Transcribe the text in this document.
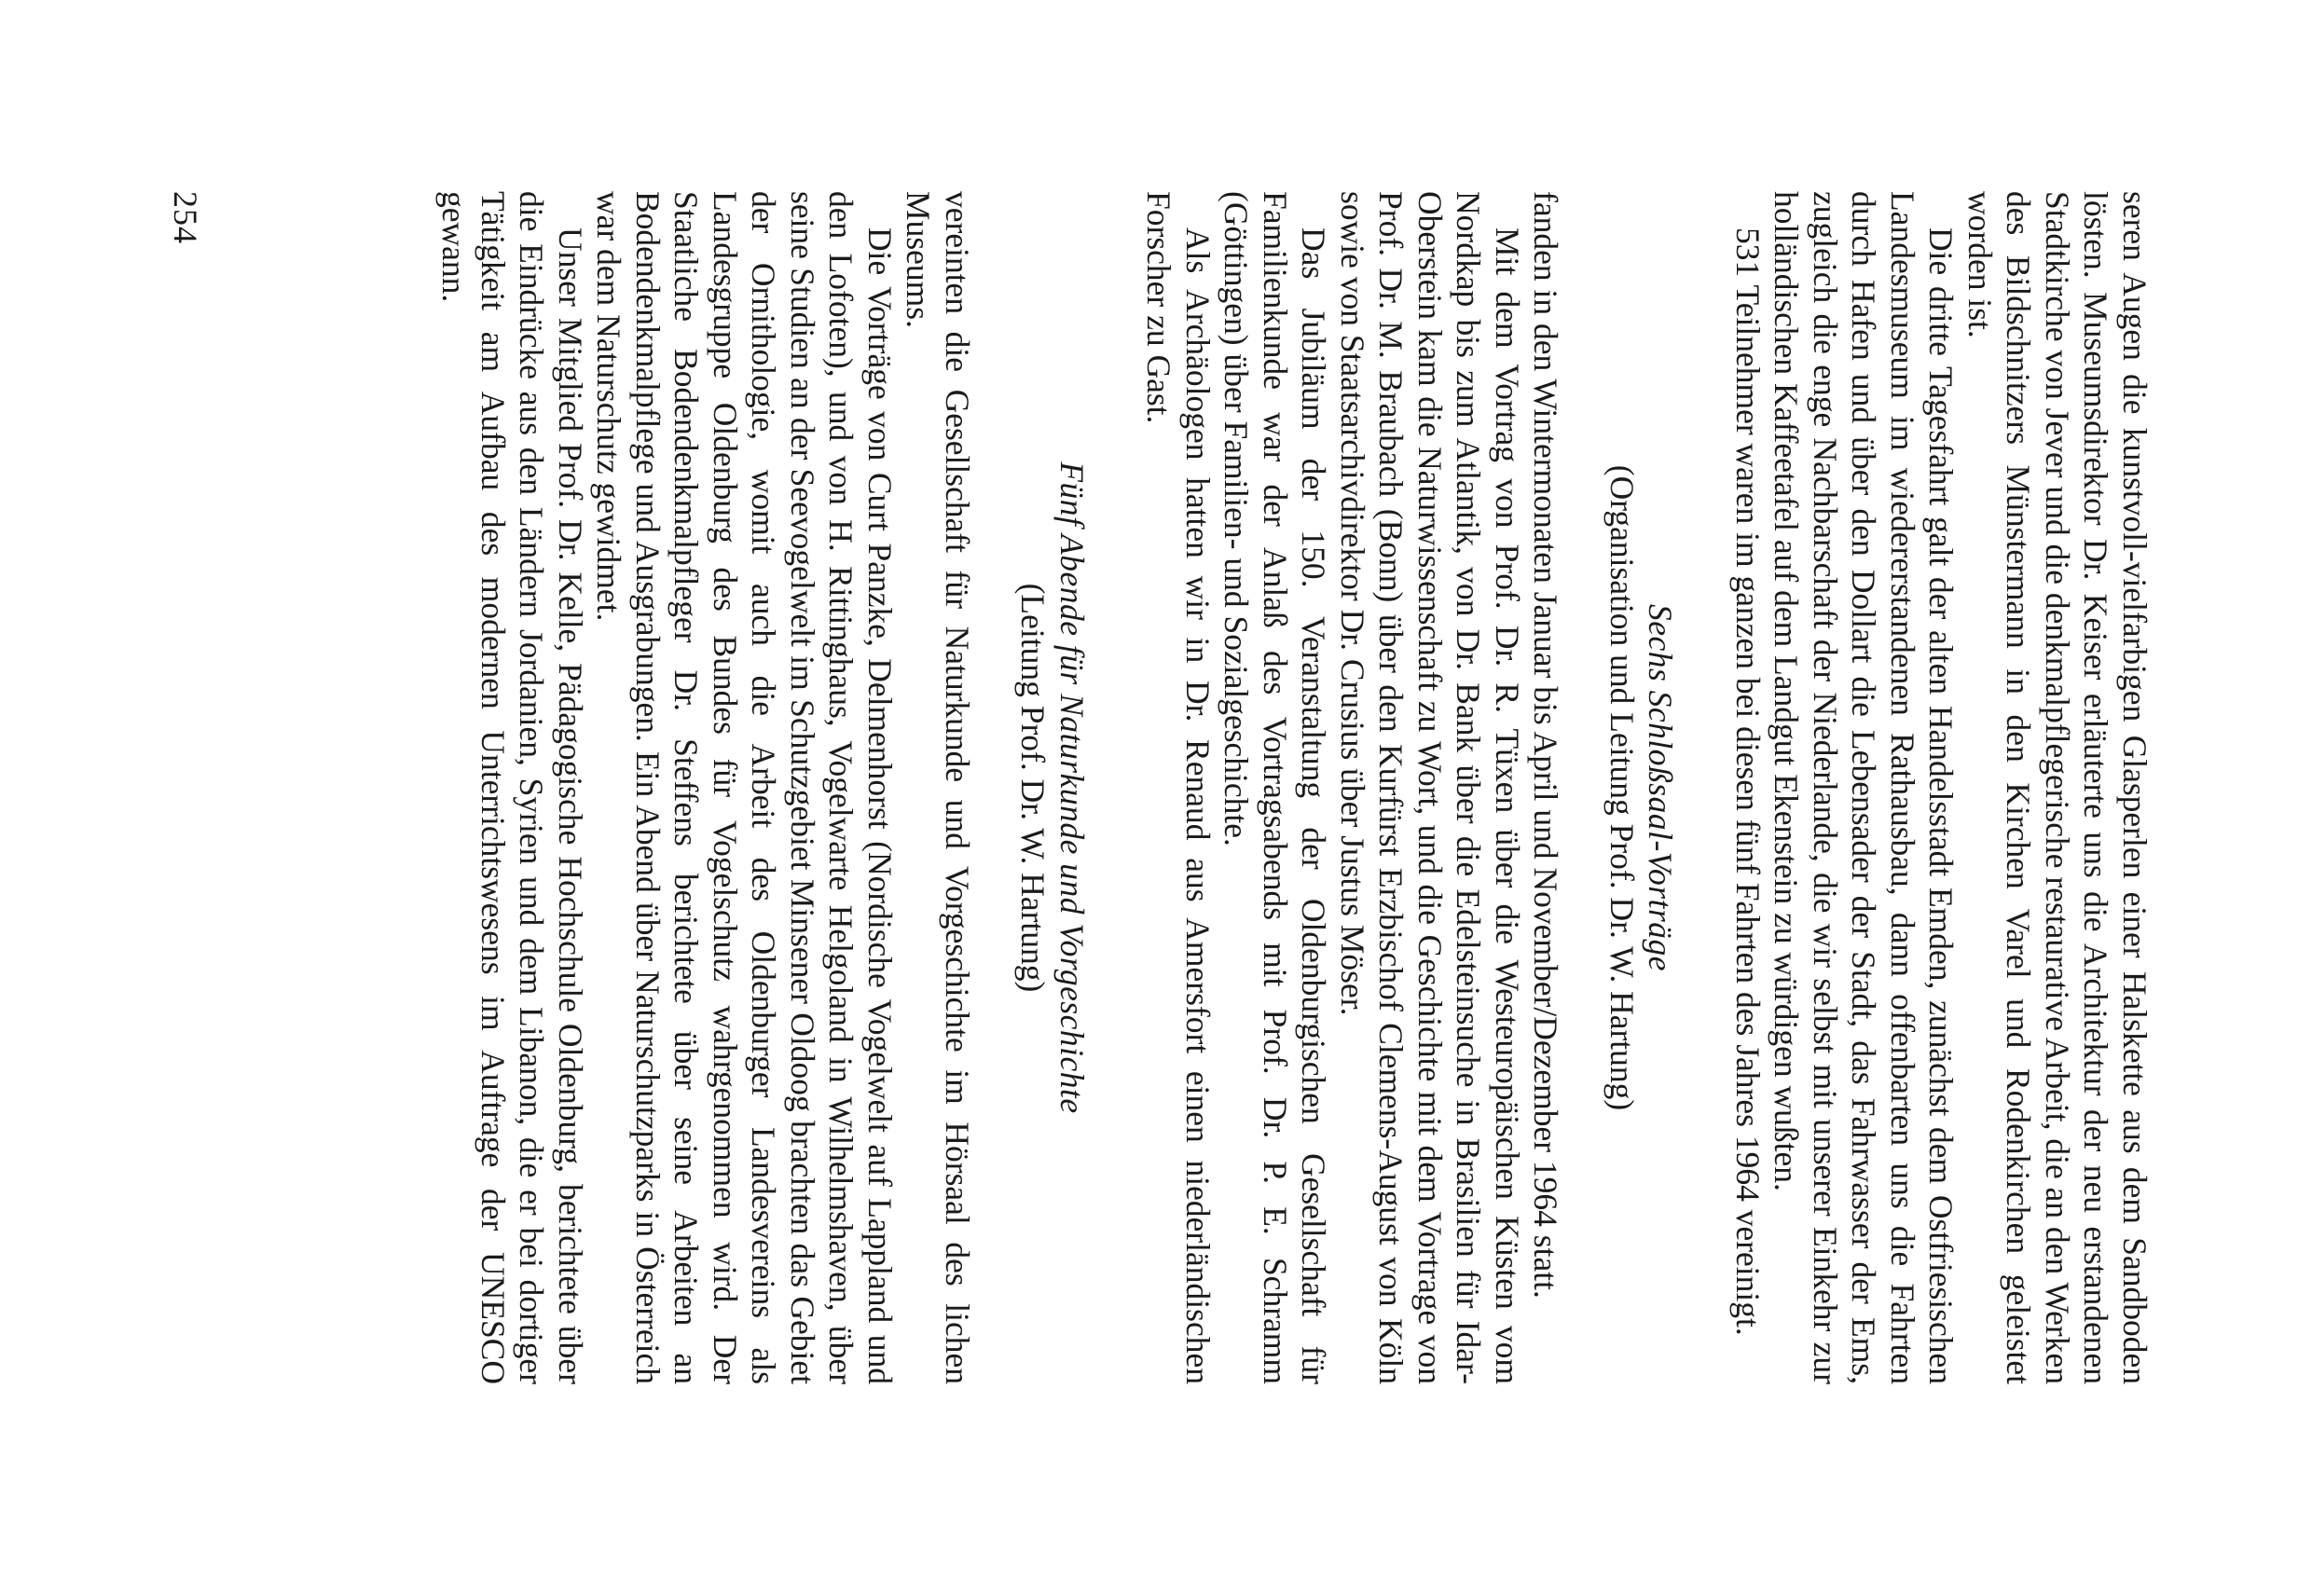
seren Augen die kunstvoll-vielfarbigen Glasperlen einer Halskette aus dem Sandboden lösten. Museumsdirektor Dr. Keiser erläuterte uns die Architektur der neu erstandenen Stadtkirche von Jever und die denkmalpflegerische restaurative Arbeit, die an den Werken des Bildschnitzers Münstermann in den Kirchen Varel und Rodenkirchen geleistet worden ist.

Die dritte Tagesfahrt galt der alten Handelsstadt Emden, zunächst dem Ostfriesischen Landesmuseum im wiedererstandenen Rathausbau, dann offenbarten uns die Fahrten durch Hafen und über den Dollart die Lebensader der Stadt, das Fahrwasser der Ems, zugleich die enge Nachbarschaft der Niederlande, die wir selbst mit unserer Einkehr zur holländischen Kaffeetafel auf dem Landgut Ekenstein zu würdigen wußten.

531 Teilnehmer waren im ganzen bei diesen fünf Fahrten des Jahres 1964 vereinigt.

Sechs Schloßsaal-Vorträge

(Organisation und Leitung Prof. Dr. W. Hartung)

fanden in den Wintermonaten Januar bis April und November/Dezember 1964 statt.

Mit dem Vortrag von Prof. Dr. R. Tüxen über die Westeuropäischen Küsten vom Nordkap bis zum Atlantik, von Dr. Bank über die Edelsteinsuche in Brasilien für Idar-Oberstein kam die Naturwissenschaft zu Wort, und die Geschichte mit dem Vortrage von Prof. Dr. M. Braubach (Bonn) über den Kurfürst Erzbischof Clemens-August von Köln sowie von Staatsarchivdirektor Dr. Crusius über Justus Möser.

Das Jubiläum der 150. Veranstaltung der Oldenburgischen Gesellschaft für Familienkunde war der Anlaß des Vortragsabends mit Prof. Dr. P. E. Schramm (Göttingen) über Familien- und Sozialgeschichte.

Als Archäologen hatten wir in Dr. Renaud aus Amersfort einen niederländischen Forscher zu Gast.

Fünf Abende für Naturkunde und Vorgeschichte

(Leitung Prof. Dr. W. Hartung)

vereinten die Gesellschaft für Naturkunde und Vorgeschichte im Hörsaal des lichen Museums.

Die Vorträge von Curt Panzke, Delmenhorst (Nordische Vogelwelt auf Lappland und den Lofoten), und von H. Rittinghaus, Vogelwarte Helgoland in Wilhelmshaven, über seine Studien an der Seevogelwelt im Schutzgebiet Minsener Oldoog brachten das Gebiet der Ornithologie, womit auch die Arbeit des Oldenburger Landesvereins als Landesgruppe Oldenburg des Bundes für Vogelschutz wahrgenommen wird. Der Staatliche Bodendenkmalpfleger Dr. Steffens berichtete über seine Arbeiten an Bodendenkmalpflege und Ausgrabungen. Ein Abend über Naturschutzparks in Österreich war dem Naturschutz gewidmet.

Unser Mitglied Prof. Dr. Kelle, Pädagogische Hochschule Oldenburg, berichtete über die Eindrücke aus den Ländern Jordanien, Syrien und dem Libanon, die er bei dortiger Tätigkeit am Aufbau des modernen Unterrichtswesens im Auftrage der UNESCO gewann.

254
